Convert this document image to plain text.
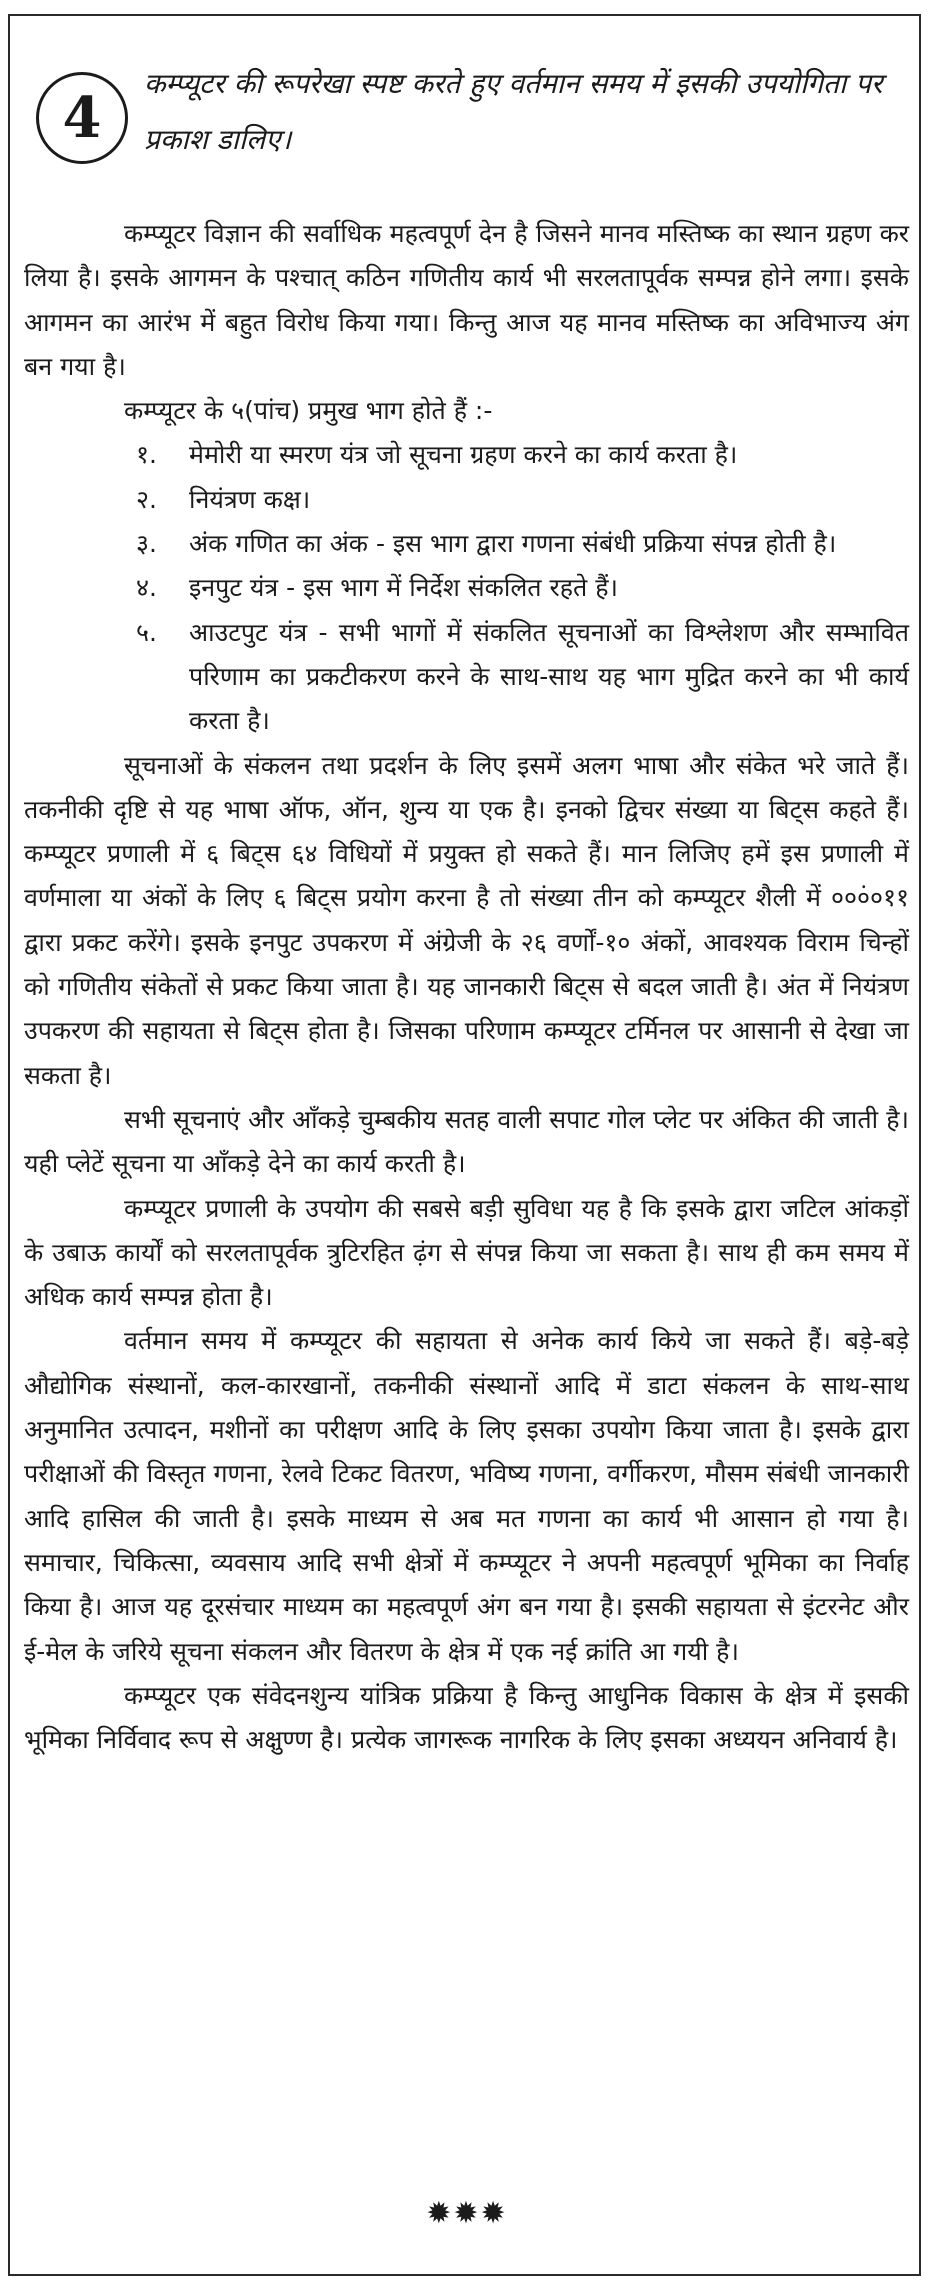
4
कम्प्यूटर की रूपरेखा स्पष्ट करते हुए वर्तमान समय में इसकी उपयोगिता पर प्रकाश डालिए।

कम्प्यूटर विज्ञान की सर्वाधिक महत्वपूर्ण देन है जिसने मानव मस्तिष्क का स्थान ग्रहण कर लिया है। इसके आगमन के पश्चात् कठिन गणितीय कार्य भी सरलतापूर्वक सम्पन्न होने लगा। इसके आगमन का आरंभ में बहुत विरोध किया गया। किन्तु आज यह मानव मस्तिष्क का अविभाज्य अंग बन गया है।

कम्प्यूटर के ५(पांच) प्रमुख भाग होते हैं :-

१. मेमोरी या स्मरण यंत्र जो सूचना ग्रहण करने का कार्य करता है।
२. नियंत्रण कक्ष।
३. अंक गणित का अंक - इस भाग द्वारा गणना संबंधी प्रक्रिया संपन्न होती है।
४. इनपुट यंत्र - इस भाग में निर्देश संकलित रहते हैं।
५. आउटपुट यंत्र - सभी भागों में संकलित सूचनाओं का विश्लेशण और सम्भावित परिणाम का प्रकटीकरण करने के साथ-साथ यह भाग मुद्रित करने का भी कार्य करता है।

सूचनाओं के संकलन तथा प्रदर्शन के लिए इसमें अलग भाषा और संकेत भरे जाते हैं। तकनीकी दृष्टि से यह भाषा ऑफ, ऑन, शुन्य या एक है। इनको द्विचर संख्या या बिट्स कहते हैं। कम्प्यूटर प्रणाली में ६ बिट्स ६४ विधियों में प्रयुक्त हो सकते हैं। मान लिजिए हमें इस प्रणाली में वर्णमाला या अंकों के लिए ६ बिट्स प्रयोग करना है तो संख्या तीन को कम्प्यूटर शैली में ०००ं०११ द्वारा प्रकट करेंगे। इसके इनपुट उपकरण में अंग्रेजी के २६ वर्णों-१० अंकों, आवश्यक विराम चिन्हों को गणितीय संकेतों से प्रकट किया जाता है। यह जानकारी बिट्स से बदल जाती है। अंत में नियंत्रण उपकरण की सहायता से बिट्स होता है। जिसका परिणाम कम्प्यूटर टर्मिनल पर आसानी से देखा जा सकता है।

सभी सूचनाएं और आँकड़े चुम्बकीय सतह वाली सपाट गोल प्लेट पर अंकित की जाती है। यही प्लेटें सूचना या आँकड़े देने का कार्य करती है।

कम्प्यूटर प्रणाली के उपयोग की सबसे बड़ी सुविधा यह है कि इसके द्वारा जटिल आंकड़ों के उबाऊ कार्यों को सरलतापूर्वक त्रुटिरहित ढ़ंग से संपन्न किया जा सकता है। साथ ही कम समय में अधिक कार्य सम्पन्न होता है।

वर्तमान समय में कम्प्यूटर की सहायता से अनेक कार्य किये जा सकते हैं। बड़े-बड़े औद्योगिक संस्थानों, कल-कारखानों, तकनीकी संस्थानों आदि में डाटा संकलन के साथ-साथ अनुमानित उत्पादन, मशीनों का परीक्षण आदि के लिए इसका उपयोग किया जाता है। इसके द्वारा परीक्षाओं की विस्तृत गणना, रेलवे टिकट वितरण, भविष्य गणना, वर्गीकरण, मौसम संबंधी जानकारी आदि हासिल की जाती है। इसके माध्यम से अब मत गणना का कार्य भी आसान हो गया है। समाचार, चिकित्सा, व्यवसाय आदि सभी क्षेत्रों में कम्प्यूटर ने अपनी महत्वपूर्ण भूमिका का निर्वाह किया है। आज यह दूरसंचार माध्यम का महत्वपूर्ण अंग बन गया है। इसकी सहायता से इंटरनेट और ई-मेल के जरिये सूचना संकलन और वितरण के क्षेत्र में एक नई क्रांति आ गयी है।

कम्प्यूटर एक संवेदनशुन्य यांत्रिक प्रक्रिया है किन्तु आधुनिक विकास के क्षेत्र में इसकी भूमिका निर्विवाद रूप से अक्षुण्ण है। प्रत्येक जागरूक नागरिक के लिए इसका अध्ययन अनिवार्य है।

✹✹✹
